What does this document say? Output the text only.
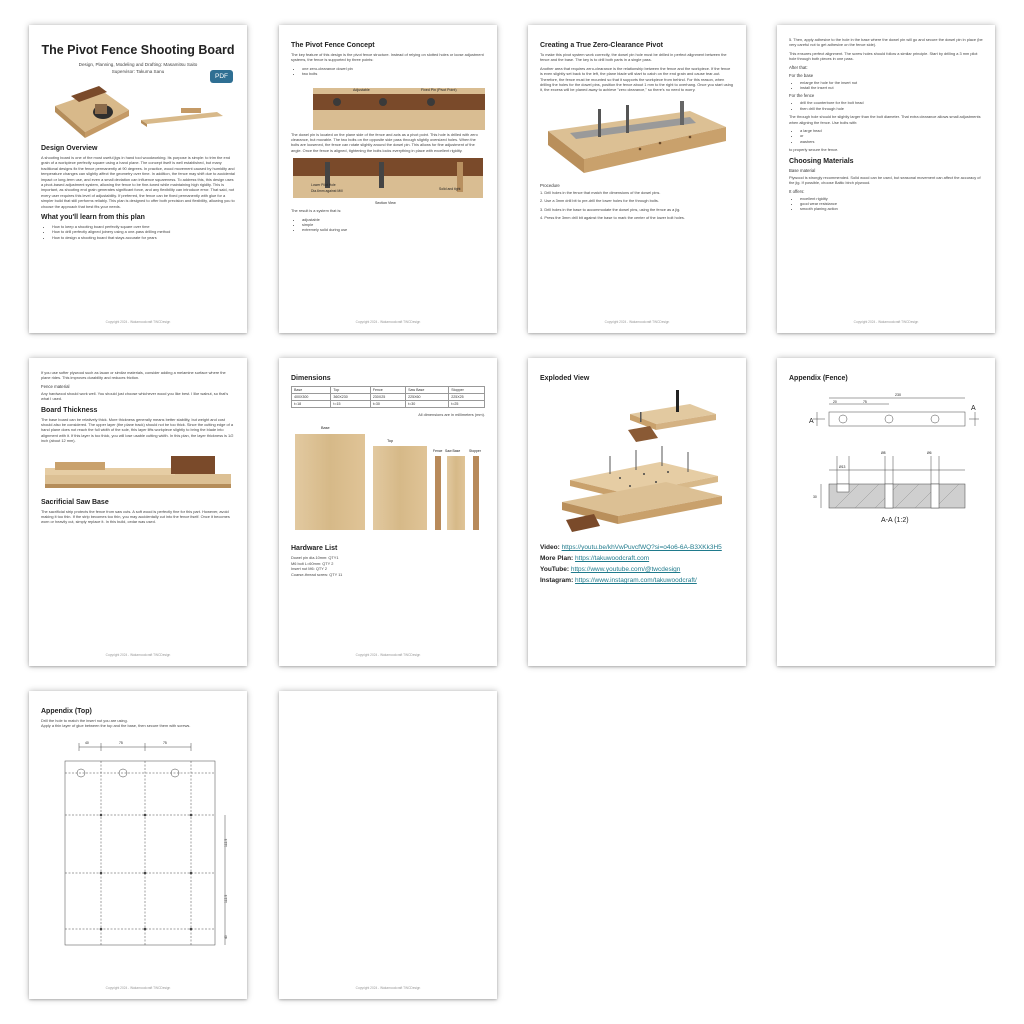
The Pivot Fence Shooting Board
Design, Planning, Modeling and Drafting: Masamitsu Saito
Supervisor: Takuma Sanu
PDF
Design Overview
A shooting board is one of the most useful jigs in hand tool woodworking. Its purpose is simple: to trim the end grain of a workpiece perfectly square using a hand plane. The concept itself is well established, but many traditional designs fix the fence permanently at 90 degrees. In practice, wood movement caused by humidity and temperature changes can slightly affect the geometry over time. In addition, the fence may shift due to accidental impact or long-term use, and even a small deviation can influence squareness. To address this, this design uses a pivot-based adjustment system, allowing the fence to be fine-tuned while maintaining high rigidity. This is important, as shooting end grain generates significant force, and any flexibility can introduce error. That said, not every user requires this level of adjustability. If preferred, the fence can be fixed permanently with glue for a simpler build that still performs reliably. This plan is designed to offer both precision and flexibility, allowing you to choose the approach that best fits your needs.
What you'll learn from this plan
• How to keep a shooting board perfectly square over time
• How to drill perfectly aligned joinery using a one-pass drilling method
• How to design a shooting board that stays accurate for years
Copyright 2024 - Wakamoodcraft TWCDesign
The Pivot Fence Concept
The key feature of this design is the pivot fence structure. Instead of relying on slotted holes or loose adjustment systems, the fence is supported by three points:
• one zero-clearance dowel pin
• two bolts
Adjustable	Fixed Pin (Pivot Point)
The dowel pin is located on the plane side of the fence and acts as a pivot point. This hole is drilled with zero clearance, but movable. The two bolts on the opposite side pass through slightly oversized holes. When the bolts are loosened, the fence can rotate slightly around the dowel pin. This allows for fine adjustment of the angle. Once the fence is aligned, tightening the bolts locks everything in place with excellent rigidity.
Lower Pilot Hole
Dia.6mm against Mill	Solid and tight
Section View
The result is a system that is:
• adjustable
• simple
• extremely solid during use
Copyright 2024 - Wakamoodcraft TWCDesign
Creating a True Zero-Clearance Pivot
To make this pivot system work correctly, the dowel pin hole must be drilled in perfect alignment between the fence and the base. The key is to drill both parts in a single pass.
Another area that requires zero-clearance is the relationship between the fence and the workpiece. If the fence is even slightly set back to the left, the plane blade will start to catch on the end grain and cause tear-out. Therefore, the fence must be mounted so that it supports the workpiece from behind. For this reason, when drilling the holes for the dowel pins, position the fence about 1 mm to the right to overhang. Once you start using it, the excess will be planed away to achieve "zero clearance," so there's no need to worry.
Procedure
1. Drill holes in the fence that match the dimensions of the dowel pins.
2. Use a 3mm drill bit to pre-drill the lower holes for the through bolts.
3. Drill holes in the base to accommodate the dowel pins, using the fence as a jig.
4. Press the 3mm drill bit against the base to mark the center of the lower bolt holes.
Copyright 2024 - Wakamoodcraft TWCDesign
5. Then, apply adhesive to the hole in the base where the dowel pin will go and secure the dowel pin in place (be very careful not to get adhesive on the fence side).
This ensures perfect alignment. The screw holes should follow a similar principle. Start by drilling a 3 mm pilot hole through both pieces in one pass.
After that:
For the base
• enlarge the hole for the insert nut
• install the insert nut
For the fence
• drill the counterbore for the bolt head
• then drill the through hole
The through hole should be slightly larger than the bolt diameter. That extra clearance allows small adjustments when aligning the fence. Use bolts with:
• a large head
• or
• washers
to properly secure the fence.
Choosing Materials
Base material
Plywood is strongly recommended. Solid wood can be used, but seasonal movement can affect the accuracy of the jig. If possible, choose Baltic birch plywood.
It offers:
• excellent rigidity
• good wear resistance
• smooth planing action
Copyright 2024 - Wakamoodcraft TWCDesign
If you use softer plywood such as lauan or similar materials, consider adding a melamine surface where the plane rides. This improves durability and reduces friction.
Fence material
Any hardwood should work well. You should just choose whichever wood you like best. I like walnut, so that's what I used.
Board Thickness
The base board can be relatively thick. More thickness generally means better stability, but weight and cost should also be considered. The upper layer (the plane track) should not be too thick. Since the cutting edge of a hand plane does not reach the full width of the sole, this layer lifts workpiece slightly to bring the blade into alignment with it. If this layer is too thick, you will lose usable cutting width. In this plan, the layer thickness is 1/2 inch (about 12 mm).
Sacrificial Saw Base
The sacrificial strip protects the fence from saw cuts. A soft wood is perfectly fine for this part. However, avoid making it too thin. If the strip becomes too thin, you may accidentally cut into the fence itself. Once it becomes worn or heavily cut, simply replace it. In this build, cedar was used.
Copyright 2024 - Wakamoodcraft TWCDesign
Dimensions
Base	Top	Fence	Saw Base	Stopper
400X300	360X230	230X25	225X60	225X25
t=18	t=15	t=30	t=30	t=25
All dimensions are in millimeters (mm).
Base
Top
Fence Saw Base	Stopper
Hardware List
Dowel pin dia.10mm: QTY1
M6 bolt L=60mm: QTY 2
Insert nut M6: QTY 2
Coarse-thread screw: QTY 11
Copyright 2024 - Wakamoodcraft TWCDesign
Exploded View
Video: https://youtu.be/khVwPuvcfWQ?si=o4o6-6A-B3XKk3H5
More Plan: https://takuwoodcraft.com
YouTube: https://www.youtube.com/@twcdesign
Instagram: https://www.instagram.com/takuwoodcraft/
Appendix (Fence)
230
20	75
A
A
Ø13
Ø8	Ø6
30
A-A (1:2)
Appendix (Top)
Drill the hole to match the insert nut you are using.
Apply a thin layer of glue between the top and the base, then secure them with screws.
40	75	75
112.5
112.5
40
Copyright 2024 - Wakamoodcraft TWCDesign	Copyright 2024 - Wakamoodcraft TWCDesign
